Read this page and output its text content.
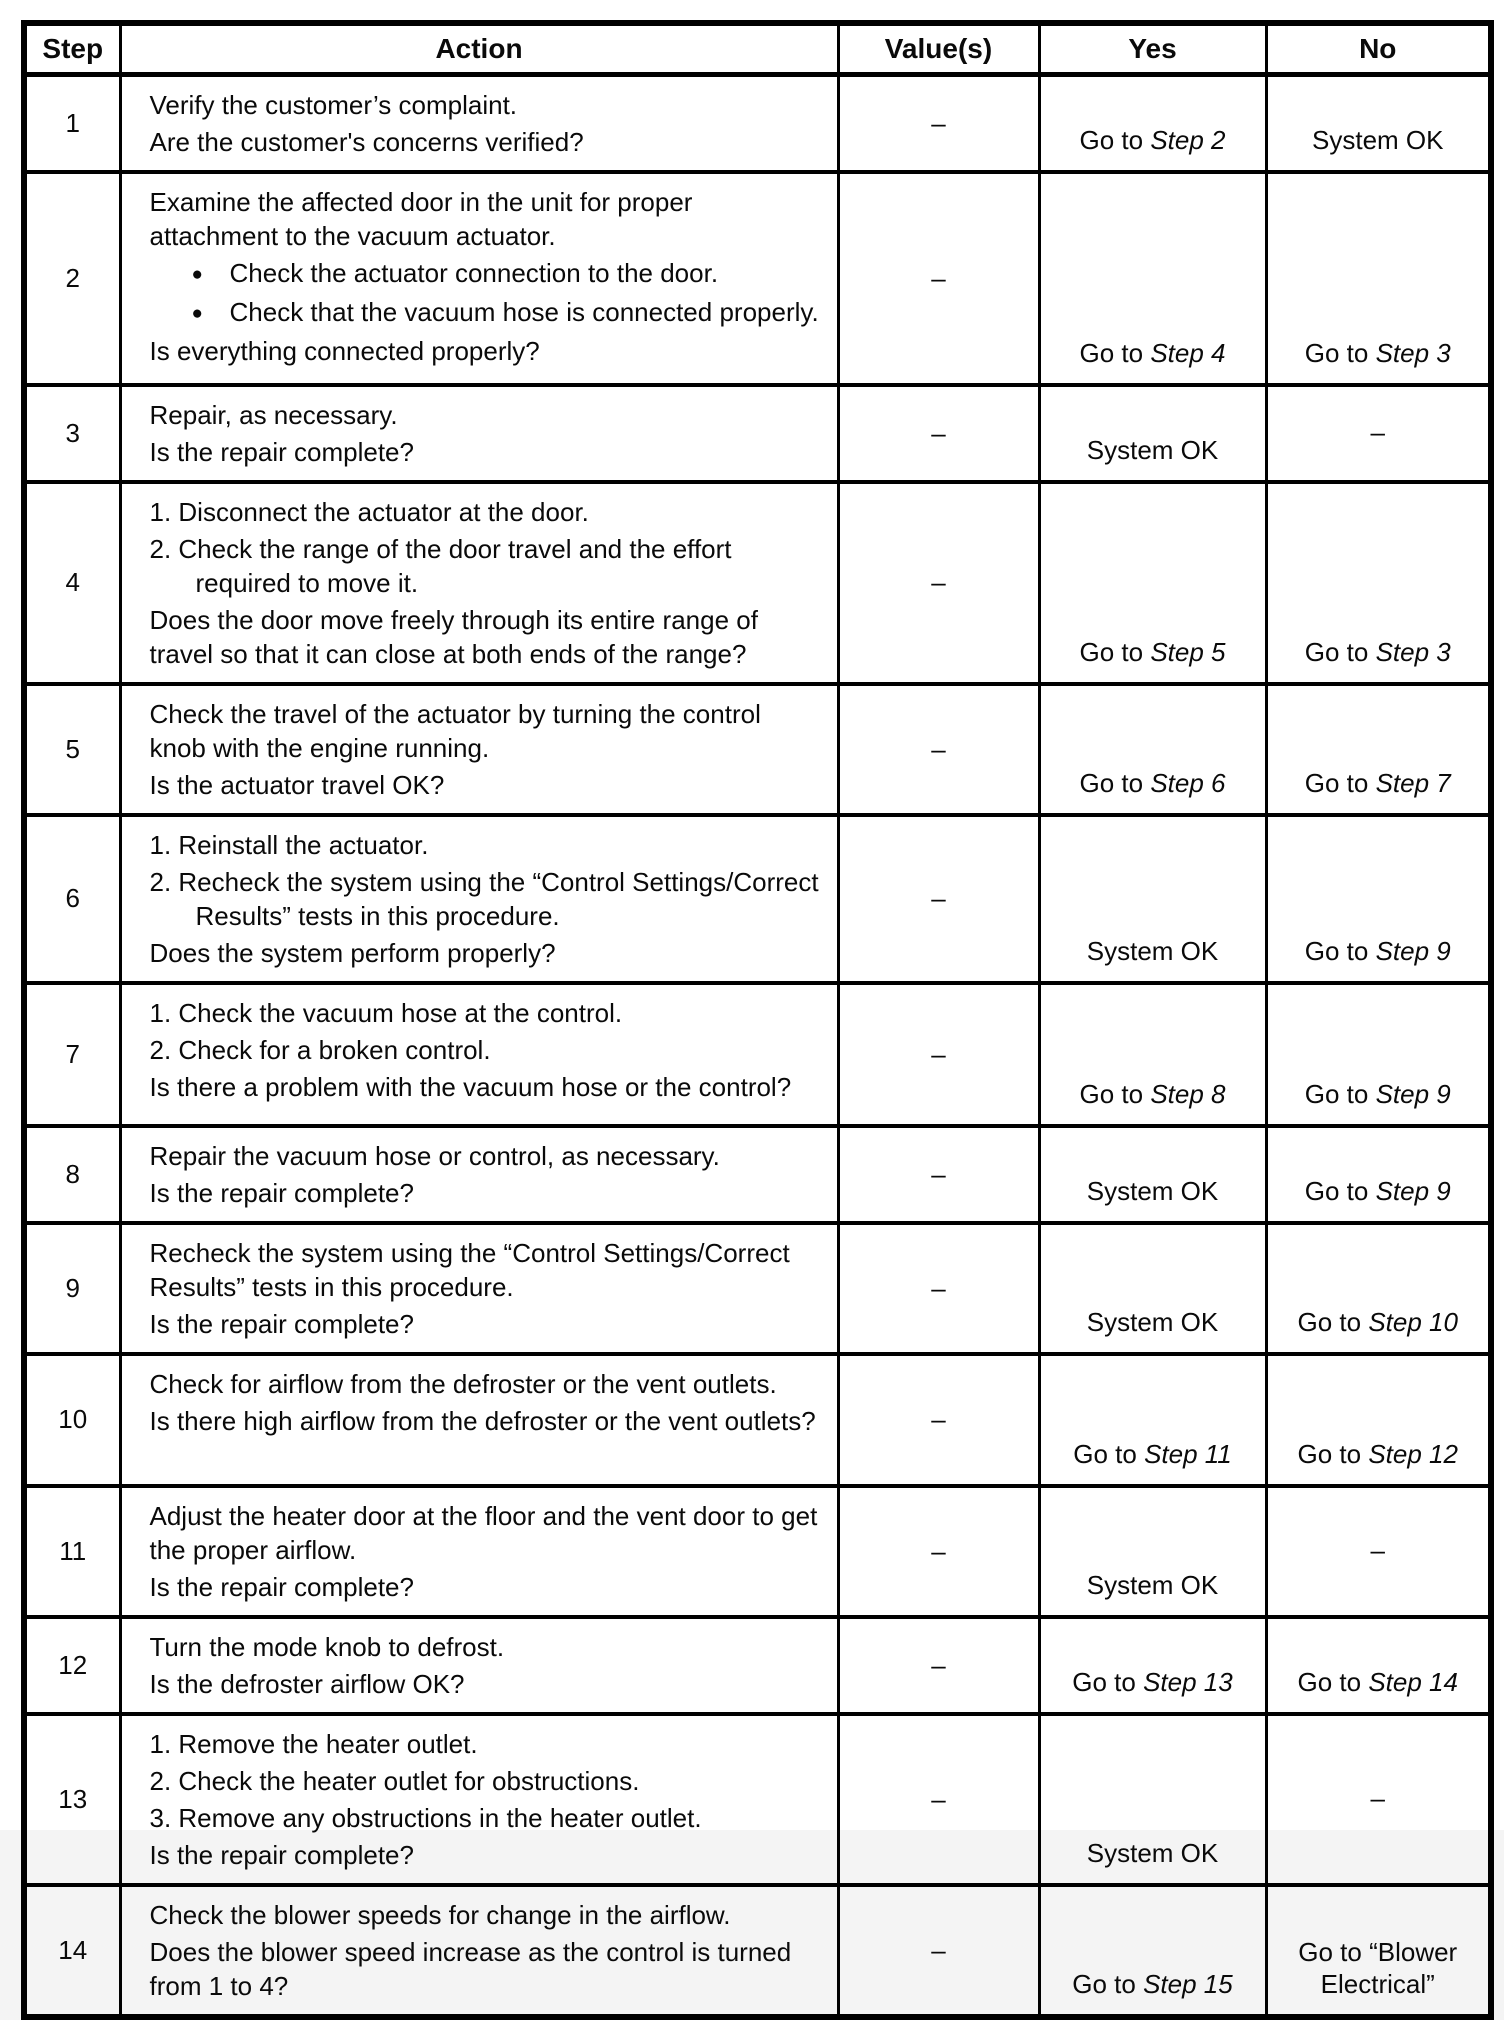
Step	Action	Value(s)	Yes	No
1	Verify the customer’s complaint.

Are the customer's concerns verified?	–	Go to Step 2	System OK
2	Examine the affected door in the unit for proper attachment to the vacuum actuator.

● Check the actuator connection to the door.

● Check that the vacuum hose is connected properly.

Is everything connected properly?	–	Go to Step 4	Go to Step 3
3	Repair, as necessary.

Is the repair complete?	–	System OK	–
4	1. Disconnect the actuator at the door.

2. Check the range of the door travel and the effort required to move it.

Does the door move freely through its entire range of travel so that it can close at both ends of the range?	–	Go to Step 5	Go to Step 3
5	Check the travel of the actuator by turning the control knob with the engine running.

Is the actuator travel OK?	–	Go to Step 6	Go to Step 7
6	1. Reinstall the actuator.

2. Recheck the system using the “Control Settings/Correct Results” tests in this procedure.

Does the system perform properly?	–	System OK	Go to Step 9
7	1. Check the vacuum hose at the control.

2. Check for a broken control.

Is there a problem with the vacuum hose or the control?	–	Go to Step 8	Go to Step 9
8	Repair the vacuum hose or control, as necessary.

Is the repair complete?	–	System OK	Go to Step 9
9	Recheck the system using the “Control Settings/Correct Results” tests in this procedure.

Is the repair complete?	–	System OK	Go to Step 10
10	Check for airflow from the defroster or the vent outlets.

Is there high airflow from the defroster or the vent outlets?	–	Go to Step 11	Go to Step 12
11	Adjust the heater door at the floor and the vent door to get the proper airflow.

Is the repair complete?	–	System OK	–
12	Turn the mode knob to defrost.

Is the defroster airflow OK?	–	Go to Step 13	Go to Step 14
13	1. Remove the heater outlet.

2. Check the heater outlet for obstructions.

3. Remove any obstructions in the heater outlet.

Is the repair complete?	–	System OK	–
14	Check the blower speeds for change in the airflow.

Does the blower speed increase as the control is turned from 1 to 4?	–	Go to Step 15	Go to “Blower Electrical”
